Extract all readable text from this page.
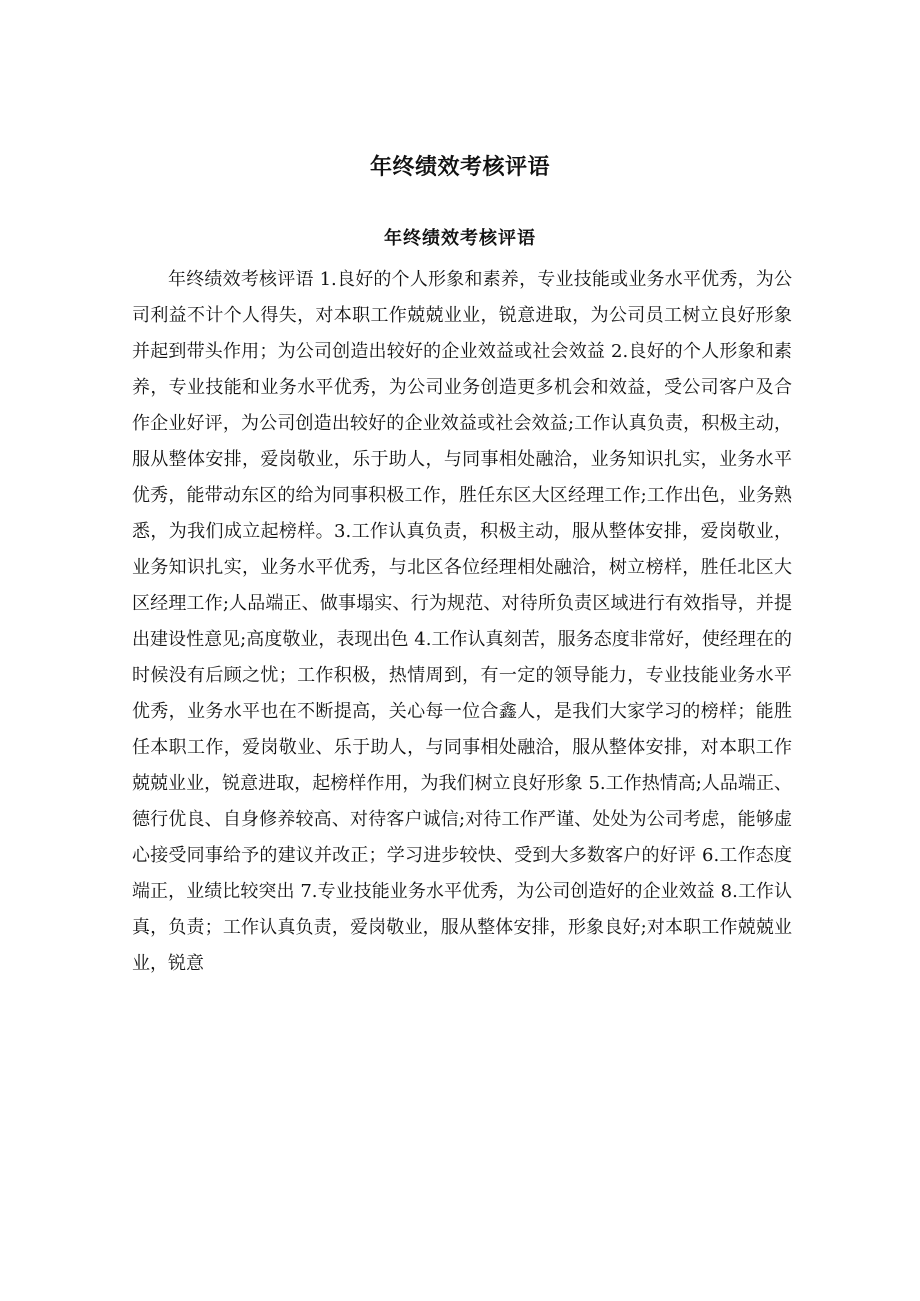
年终绩效考核评语
年终绩效考核评语

年终绩效考核评语 1.良好的个人形象和素养，专业技能或业务水平优秀，为公司利益不计个人得失，对本职工作兢兢业业，锐意进取，为公司员工树立良好形象并起到带头作用；为公司创造出较好的企业效益或社会效益 2.良好的个人形象和素养，专业技能和业务水平优秀，为公司业务创造更多机会和效益，受公司客户及合作企业好评，为公司创造出较好的企业效益或社会效益;工作认真负责，积极主动，服从整体安排，爱岗敬业，乐于助人，与同事相处融洽，业务知识扎实，业务水平优秀，能带动东区的给为同事积极工作，胜任东区大区经理工作;工作出色，业务熟悉，为我们成立起榜样。3.工作认真负责，积极主动，服从整体安排，爱岗敬业，业务知识扎实，业务水平优秀，与北区各位经理相处融洽，树立榜样，胜任北区大区经理工作;人品端正、做事塌实、行为规范、对待所负责区域进行有效指导，并提出建设性意见;高度敬业，表现出色 4.工作认真刻苦，服务态度非常好，使经理在的时候没有后顾之忧；工作积极，热情周到，有一定的领导能力，专业技能业务水平优秀，业务水平也在不断提高，关心每一位合鑫人，是我们大家学习的榜样；能胜任本职工作，爱岗敬业、乐于助人，与同事相处融洽，服从整体安排，对本职工作兢兢业业，锐意进取，起榜样作用，为我们树立良好形象 5.工作热情高;人品端正、德行优良、自身修养较高、对待客户诚信;对待工作严谨、处处为公司考虑，能够虚心接受同事给予的建议并改正；学习进步较快、受到大多数客户的好评 6.工作态度端正，业绩比较突出 7.专业技能业务水平优秀，为公司创造好的企业效益 8.工作认真，负责；工作认真负责，爱岗敬业，服从整体安排，形象良好;对本职工作兢兢业业，锐意
